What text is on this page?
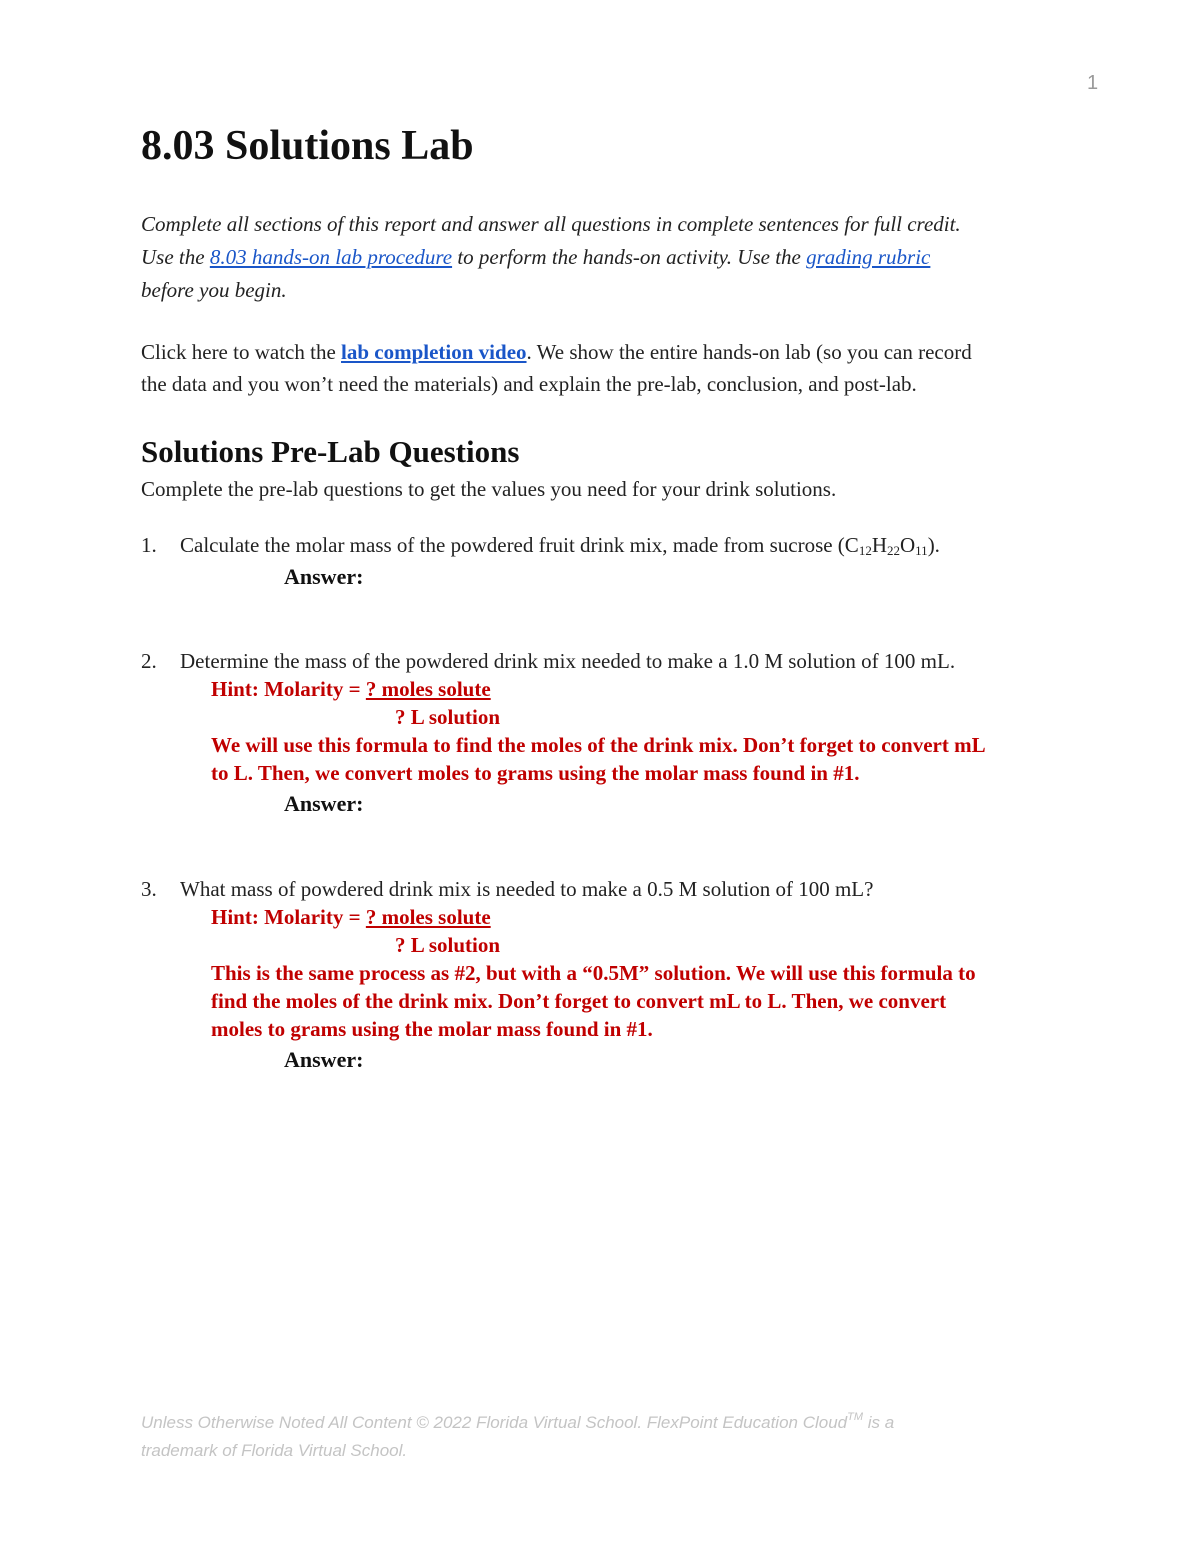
1
8.03 Solutions Lab
Complete all sections of this report and answer all questions in complete sentences for full credit.
Use the 8.03 hands-on lab procedure to perform the hands-on activity. Use the grading rubric
before you begin.
Click here to watch the lab completion video. We show the entire hands-on lab (so you can record
the data and you won’t need the materials) and explain the pre-lab, conclusion, and post-lab.
Solutions Pre-Lab Questions
Complete the pre-lab questions to get the values you need for your drink solutions.
1. Calculate the molar mass of the powdered fruit drink mix, made from sucrose $(C_{12}H_{22}O_{11})$.
Answer:
2. Determine the mass of the powdered drink mix needed to make a 1.0 M solution of 100 mL.
Hint: Molarity = ? moles solute
? L solution
We will use this formula to find the moles of the drink mix. Don’t forget to convert mL
to L. Then, we convert moles to grams using the molar mass found in #1.
Answer:
3. What mass of powdered drink mix is needed to make a 0.5 M solution of 100 mL?
Hint: Molarity = ? moles solute
? L solution
This is the same process as #2, but with a “0.5M” solution. We will use this formula to
find the moles of the drink mix. Don’t forget to convert mL to L. Then, we convert
moles to grams using the molar mass found in #1.
Answer:
Unless Otherwise Noted All Content © 2022 Florida Virtual School. FlexPoint Education Cloud™ is a
trademark of Florida Virtual School.
